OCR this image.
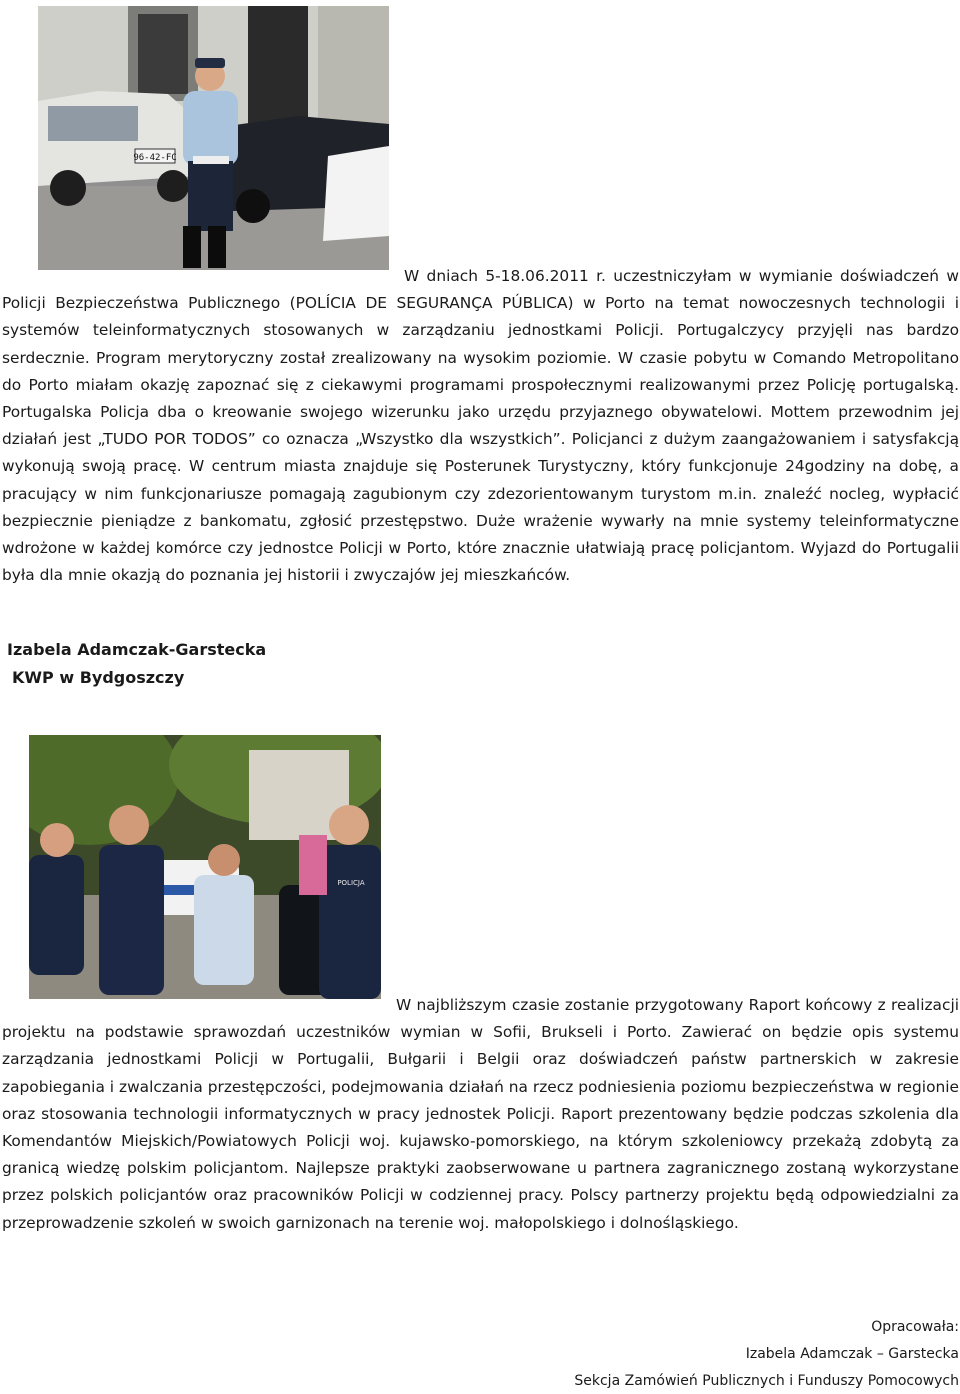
96-42-FC

W dniach 5-18.06.2011 r. uczestniczyłam w wymianie doświadczeń w Policji Bezpieczeństwa Publicznego (POLÍCIA DE SEGURANÇA PÚBLICA) w Porto na temat nowoczesnych technologii i systemów teleinformatycznych stosowanych w zarządzaniu jednostkami Policji. Portugalczycy przyjęli nas bardzo serdecznie. Program merytoryczny został zrealizowany na wysokim poziomie. W czasie pobytu w Comando Metropolitano do Porto miałam okazję zapoznać się z ciekawymi programami prospołecznymi realizowanymi przez Policję portugalską. Portugalska Policja dba o kreowanie swojego wizerunku jako urzędu przyjaznego obywatelowi. Mottem przewodnim jej działań jest „TUDO POR TODOS” co oznacza „Wszystko dla wszystkich”. Policjanci z dużym zaangażowaniem i satysfakcją wykonują swoją pracę. W centrum miasta znajduje się Posterunek Turystyczny, który funkcjonuje 24godziny na dobę, a pracujący w nim funkcjonariusze pomagają zagubionym czy zdezorientowanym turystom m.in. znaleźć nocleg, wypłacić bezpiecznie pieniądze z bankomatu, zgłosić przestępstwo. Duże wrażenie wywarły na mnie systemy teleinformatyczne wdrożone w każdej komórce czy jednostce Policji w Porto, które znacznie ułatwiają pracę policjantom. Wyjazd do Portugalii była dla mnie okazją do poznania jej historii i zwyczajów jej mieszkańców.

Izabela Adamczak-Garstecka

KWP w Bydgoszczy

POLICJA

W najbliższym czasie zostanie przygotowany Raport końcowy z realizacji projektu na podstawie sprawozdań uczestników wymian w Sofii, Brukseli i Porto. Zawierać on będzie opis systemu zarządzania jednostkami Policji w Portugalii, Bułgarii i Belgii oraz doświadczeń państw partnerskich w zakresie zapobiegania i zwalczania przestępczości, podejmowania działań na rzecz podniesienia poziomu bezpieczeństwa w regionie oraz stosowania technologii informatycznych w pracy jednostek Policji. Raport prezentowany będzie podczas szkolenia dla Komendantów Miejskich/Powiatowych Policji woj. kujawsko-pomorskiego, na którym szkoleniowcy przekażą zdobytą za granicą wiedzę polskim policjantom. Najlepsze praktyki zaobserwowane u partnera zagranicznego zostaną wykorzystane przez polskich policjantów oraz pracowników Policji w codziennej pracy. Polscy partnerzy projektu będą odpowiedzialni za przeprowadzenie szkoleń w swoich garnizonach na terenie woj. małopolskiego i dolnośląskiego.

Opracowała:

Izabela Adamczak – Garstecka

Sekcja Zamówień Publicznych i Funduszy Pomocowych
